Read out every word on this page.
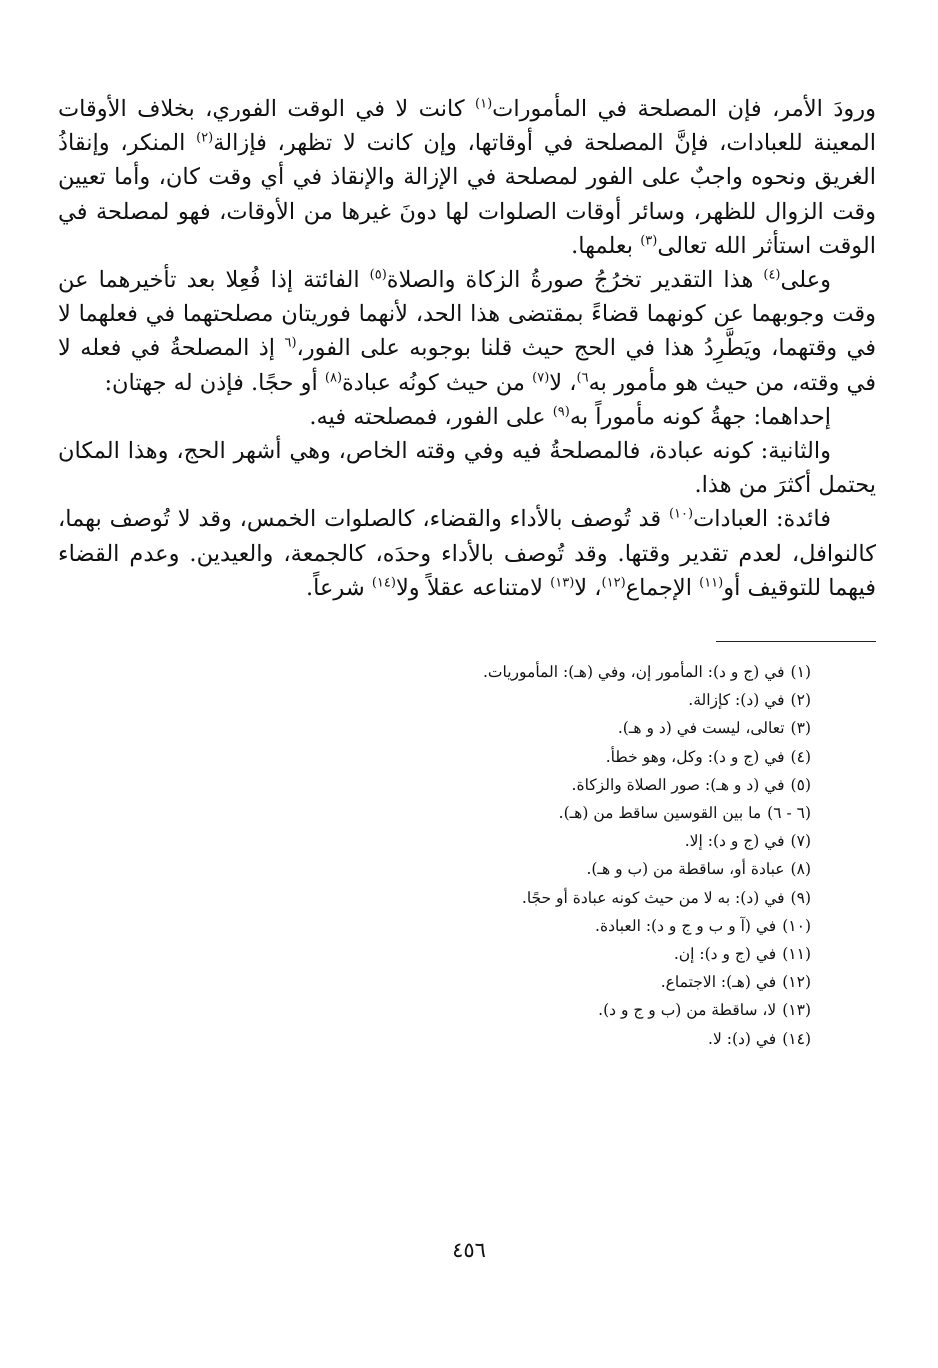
ورودَ الأمر، فإن المصلحة في المأمورات$^{(١)}$ كانت لا في الوقت الفوري، بخلاف الأوقات المعينة للعبادات، فإنَّ المصلحة في أوقاتها، وإن كانت لا تظهر، فإزالة$^{(٢)}$ المنكر، وإنقاذُ الغريق ونحوه واجبٌ على الفور لمصلحة في الإزالة والإنقاذ في أي وقت كان، وأما تعيين وقت الزوال للظهر، وسائر أوقات الصلوات لها دونَ غيرها من الأوقات، فهو لمصلحة في الوقت استأثر الله تعالى$^{(٣)}$ بعلمها.

وعلى$^{(٤)}$ هذا التقدير تخرُجُ صورةُ الزكاة والصلاة$^{(٥)}$ الفائتة إذا فُعِلا بعد تأخيرهما عن وقت وجوبهما عن كونهما قضاءً بمقتضى هذا الحد، لأنهما فوريتان مصلحتهما في فعلهما لا في وقتهما، ويَطَّرِدُ هذا في الحج حيث قلنا بوجوبه على الفور،$^{(٦}$ إذ المصلحةُ في فعله لا في وقته، من حيث هو مأمور به$^{٦)}$، لا$^{(٧)}$ من حيث كونُه عبادة$^{(٨)}$ أو حجًا. فإذن له جهتان:

إحداهما: جهةُ كونه مأموراً به$^{(٩)}$ على الفور، فمصلحته فيه.

والثانية: كونه عبادة، فالمصلحةُ فيه وفي وقته الخاص، وهي أشهر الحج، وهذا المكان يحتمل أكثرَ من هذا.

فائدة: العبادات$^{(١٠)}$ قد تُوصف بالأداء والقضاء، كالصلوات الخمس، وقد لا تُوصف بهما، كالنوافل، لعدم تقدير وقتها. وقد تُوصف بالأداء وحدَه، كالجمعة، والعيدين. وعدم القضاء فيهما للتوقيف أو$^{(١١)}$ الإجماع$^{(١٢)}$، لا$^{(١٣)}$ لامتناعه عقلاً ولا$^{(١٤)}$ شرعاً.

(١)في (ج و د): المأمور إن، وفي (هـ): المأموريات.
(٢)في (د): كإزالة.
(٣)تعالى، ليست في (د و هـ).
(٤)في (ج و د): وكل، وهو خطأ.
(٥)في (د و هـ): صور الصلاة والزكاة.
(٦ - ٦)ما بين القوسين ساقط من (هـ).
(٧)في (ج و د): إلا.
(٨)عبادة أو، ساقطة من (ب و هـ).
(٩)في (د): به لا من حيث كونه عبادة أو حجًا.
(١٠)في (آ و ب و ج و د): العبادة.
(١١)في (ج و د): إن.
(١٢)في (هـ): الاجتماع.
(١٣)لا، ساقطة من (ب و ج و د).
(١٤)في (د): لا.
٤٥٦
